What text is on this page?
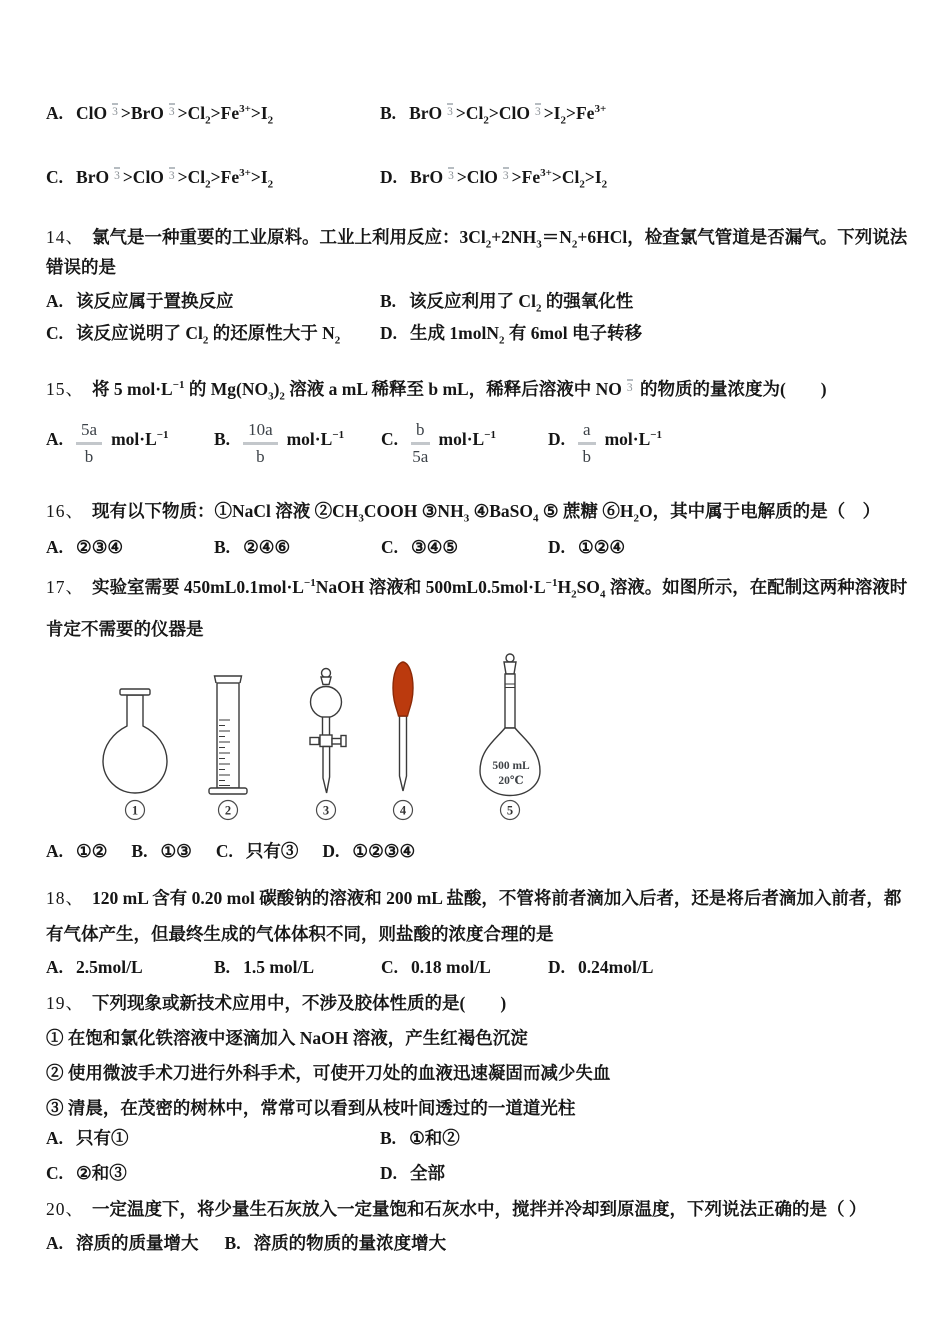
A. ClO 3 >BrO $3 >Cl_2>Fe^{3+}>I_2$	B. BrO $3 >Cl_2>ClO$ $3 >I_2>Fe^{3+}$
C. BrO 3 >ClO $3 >Cl_2>Fe^{3+}>I_2$	D. BrO 3 >ClO $3 >Fe^{3+}>Cl_2>I_2$
14、 氯气是一种重要的工业原料。工业上利用反应：$3Cl_2+2NH_3=N_2+6HCl$，检查氯气管道是否漏气。下列说法错误的是
A. 该反应属于置换反应	B. 该反应利用了 $Cl_2$ 的强氧化性
C. 该反应说明了 $Cl_2$ 的还原性大于 $N_2$	D. 生成 1molN$_2$ 有 6mol 电子转移
15、 将 5 $mol\cdot L^{-1}$ 的 $Mg(NO_3)_2$ 溶液 a mL 稀释至 b mL，稀释后溶液中 NO 3 的物质的量浓度为(　　)
A. $\frac{5a}{b} mol\cdot L^{-1}$	B. $\frac{10a}{b} mol\cdot L^{-1}$	C. $\frac{b}{5a} mol\cdot L^{-1}$	D. $\frac{a}{b} mol\cdot L^{-1}$
16、 现有以下物质：①NaCl 溶液 $②CH_3COOH$ $③NH_3$ ④BaSO$_4$ ⑤ 蔗糖 $⑥H_2O$，其中属于电解质的是（　）
A. ②③④	B. ②④⑥	C. ③④⑤	D. ①②④
17、 实验室需要 $450mL0.1mol\cdot L^{-1}NaOH$ 溶液和 $500mL0.5mol\cdot L^{-1}H_2SO_4$ 溶液。如图所示，在配制这两种溶液时肯定不需要的仪器是
500 mL
20℃
1	2	3	4	5
A. ①② B. ①③ C. 只有③ D. ①②③④
18、 120 mL 含有 0.20 mol 碳酸钠的溶液和 200 mL 盐酸，不管将前者滴加入后者，还是将后者滴加入前者，都有气体产生，但最终生成的气体体积不同，则盐酸的浓度合理的是
A. 2.5mol/L	B. 1.5 mol/L	C. 0.18 mol/L	D. 0.24mol/L
19、 下列现象或新技术应用中，不涉及胶体性质的是(　　)
① 在饱和氯化铁溶液中逐滴加入 NaOH 溶液，产生红褐色沉淀
② 使用微波手术刀进行外科手术，可使开刀处的血液迅速凝固而减少失血
③ 清晨，在茂密的树林中，常常可以看到从枝叶间透过的一道道光柱
A. 只有①	B. ①和②
C. ②和③	D. 全部
20、 一定温度下，将少量生石灰放入一定量饱和石灰水中，搅拌并冷却到原温度，下列说法正确的是（ ）
A. 溶质的质量增大 B. 溶质的物质的量浓度增大
